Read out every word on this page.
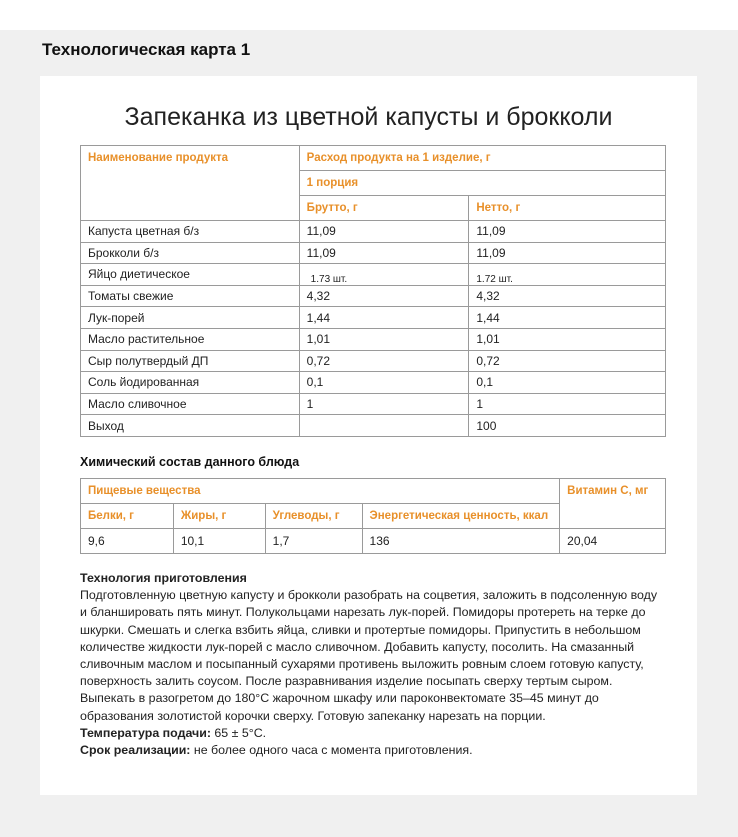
Технологическая карта 1
Запеканка из цветной капусты и брокколи
Наименование продукта	Расход продукта на 1 изделие, г	
	1 порция	
	Брутто, г	Нетто, г
Капуста цветная б/з	11,09	11,09
Брокколи б/з	11,09	11,09
Яйцо диетическое	1.73 шт.	1.72 шт.
Томаты свежие	4,32	4,32
Лук-порей	1,44	1,44
Масло растительное	1,01	1,01
Сыр полутвердый ДП	0,72	0,72
Соль йодированная	0,1	0,1
Масло сливочное	1	1
Выход		100
Химический состав данного блюда
Пищевые вещества				Витамин С, мг
Белки, г	Жиры, г	Углеводы, г	Энергетическая ценность, ккал	
9,6	10,1	1,7	136	20,04
Технология приготовления
Подготовленную цветную капусту и брокколи разобрать на соцветия, заложить в подсоленную воду и бланшировать пять минут. Полукольцами нарезать лук-порей. Помидоры протереть на терке до шкурки. Смешать и слегка взбить яйца, сливки и протертые помидоры. Припустить в небольшом количестве жидкости лук-порей с масло сливочном. Добавить капусту, посолить. На смазанный сливочным маслом и посыпанный сухарями противень выложить ровным слоем готовую капусту, поверхность залить соусом. После разравнивания изделие посыпать сверху тертым сыром. Выпекать в разогретом до 180°С жарочном шкафу или пароконвектомате 35–45 минут до образования золотистой корочки сверху. Готовую запеканку нарезать на порции.
Температура подачи: 65 ± 5°С.
Срок реализации: не более одного часа с момента приготовления.
